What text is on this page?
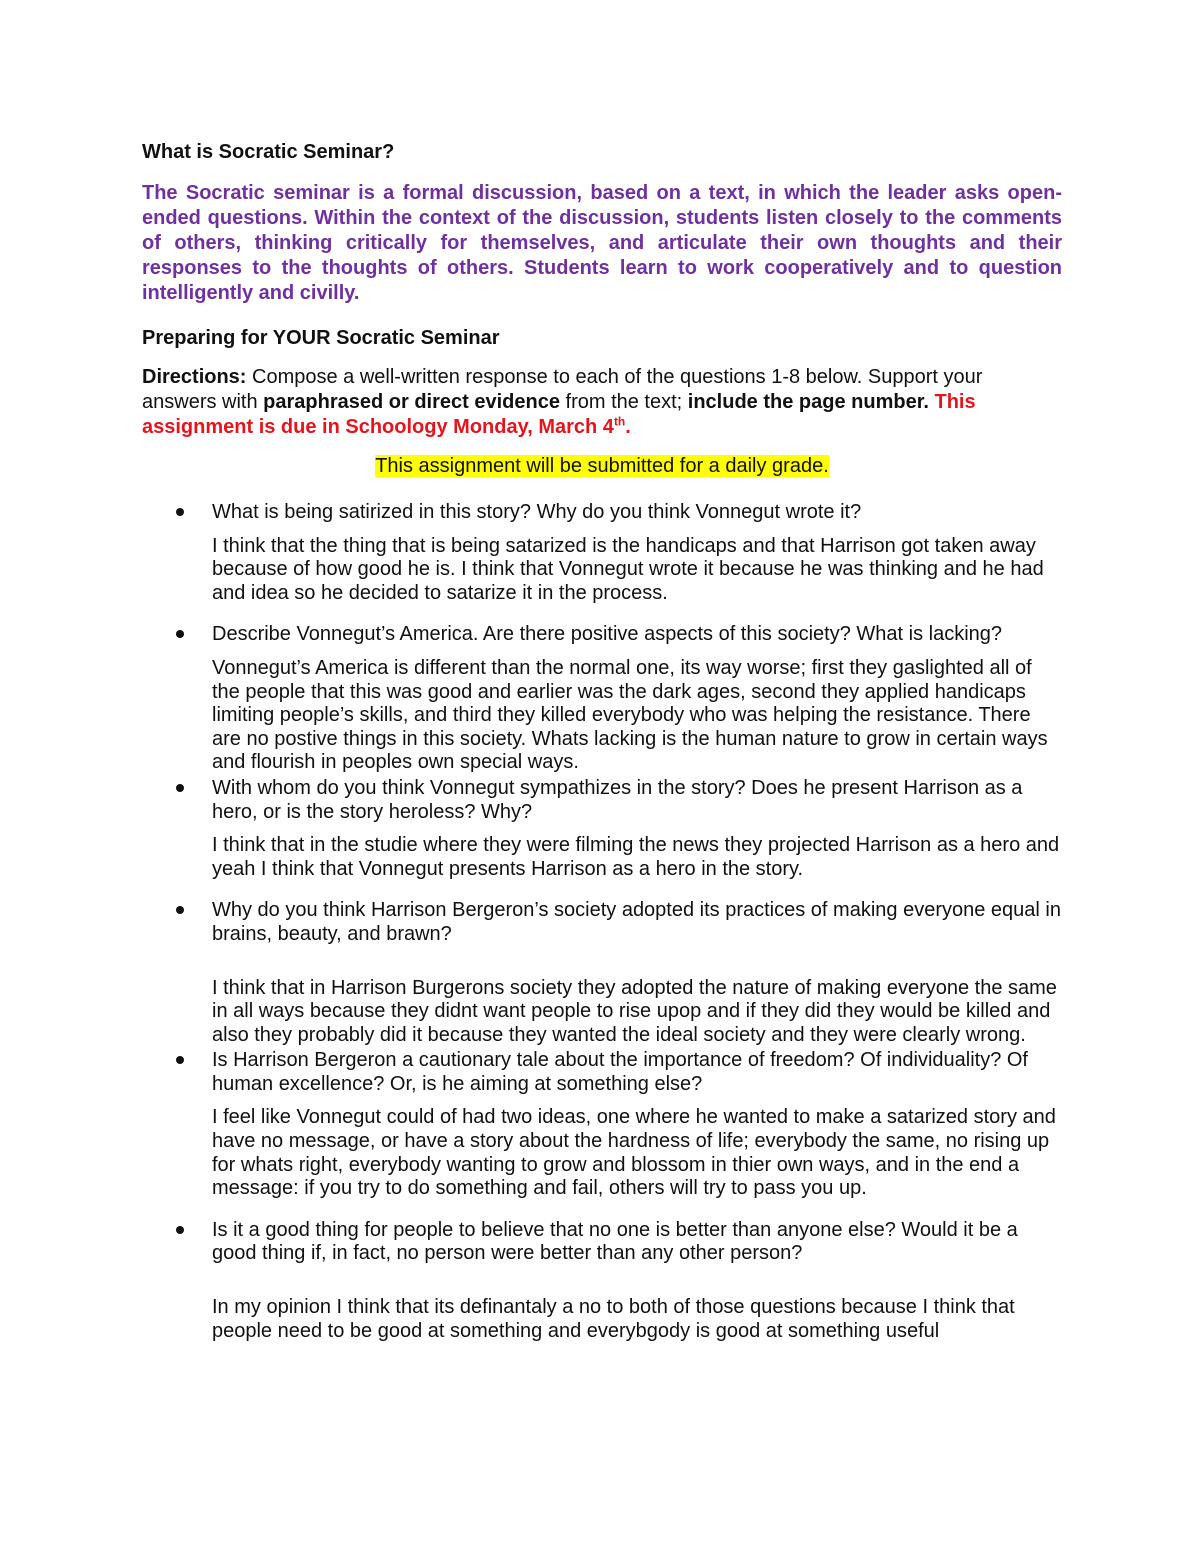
What is Socratic Seminar?

The Socratic seminar is a formal discussion, based on a text, in which the leader asks open-ended questions. Within the context of the discussion, students listen closely to the comments of others, thinking critically for themselves, and articulate their own thoughts and their responses to the thoughts of others. Students learn to work cooperatively and to question intelligently and civilly.

Preparing for YOUR Socratic Seminar

Directions: Compose a well-written response to each of the questions 1-8 below. Support your answers with paraphrased or direct evidence from the text; include the page number. This assignment is due in Schoology Monday, March 4th.

This assignment will be submitted for a daily grade.

What is being satirized in this story? Why do you think Vonnegut wrote it?

I think that the thing that is being satarized is the handicaps and that Harrison got taken away because of how good he is. I think that Vonnegut wrote it because he was thinking and he had and idea so he decided to satarize it in the process.

Describe Vonnegut’s America. Are there positive aspects of this society? What is lacking?

Vonnegut’s America is different than the normal one, its way worse; first they gaslighted all of the people that this was good and earlier was the dark ages, second they applied handicaps limiting people’s skills, and third they killed everybody who was helping the resistance. There are no postive things in this society. Whats lacking is the human nature to grow in certain ways and flourish in peoples own special ways.

With whom do you think Vonnegut sympathizes in the story? Does he present Harrison as a hero, or is the story heroless? Why?

I think that in the studie where they were filming the news they projected Harrison as a hero and yeah I think that Vonnegut presents Harrison as a hero in the story.

Why do you think Harrison Bergeron’s society adopted its practices of making everyone equal in brains, beauty, and brawn?

I think that in Harrison Burgerons society they adopted the nature of making everyone the same in all ways because they didnt want people to rise upop and if they did they would be killed and also they probably did it because they wanted the ideal society and they were clearly wrong.

Is Harrison Bergeron a cautionary tale about the importance of freedom? Of individuality? Of human excellence? Or, is he aiming at something else?

I feel like Vonnegut could of had two ideas, one where he wanted to make a satarized story and have no message, or have a story about the hardness of life; everybody the same, no rising up for whats right, everybody wanting to grow and blossom in thier own ways, and in the end a message: if you try to do something and fail, others will try to pass you up.

Is it a good thing for people to believe that no one is better than anyone else? Would it be a good thing if, in fact, no person were better than any other person?

In my opinion I think that its definantaly a no to both of those questions because I think that people need to be good at something and everybgody is good at something useful
